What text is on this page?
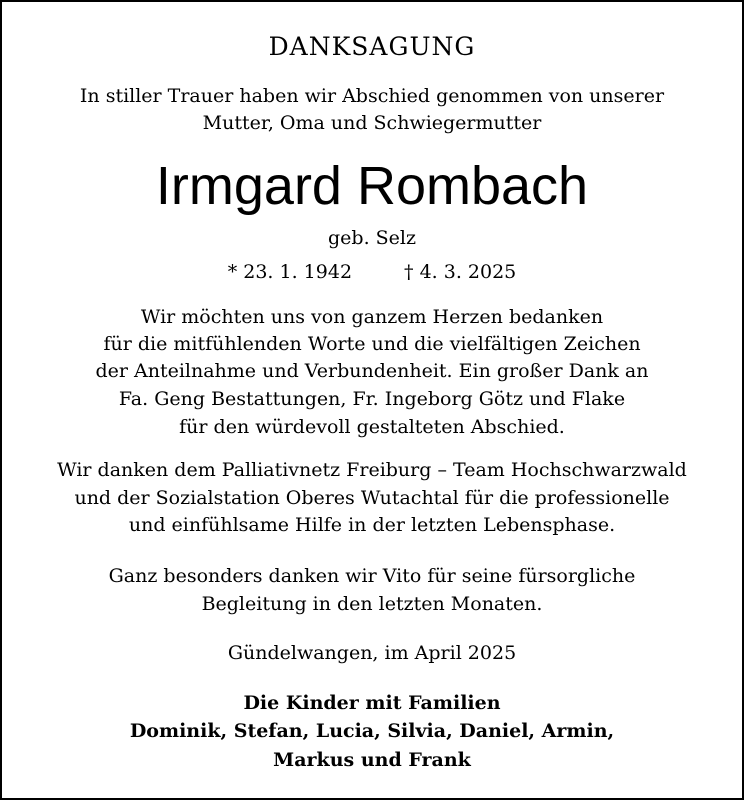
DANKSAGUNG
In stiller Trauer haben wir Abschied genommen von unserer
Mutter, Oma und Schwiegermutter
Irmgard Rombach
geb. Selz
* 23. 1. 1942	† 4. 3. 2025
Wir möchten uns von ganzem Herzen bedanken
für die mitfühlenden Worte und die vielfältigen Zeichen
der Anteilnahme und Verbundenheit. Ein großer Dank an
Fa. Geng Bestattungen, Fr. Ingeborg Götz und Flake
für den würdevoll gestalteten Abschied.
Wir danken dem Palliativnetz Freiburg – Team Hochschwarzwald
und der Sozialstation Oberes Wutachtal für die professionelle
und einfühlsame Hilfe in der letzten Lebensphase.
Ganz besonders danken wir Vito für seine fürsorgliche
Begleitung in den letzten Monaten.
Gündelwangen, im April 2025
Die Kinder mit Familien
Dominik, Stefan, Lucia, Silvia, Daniel, Armin,
Markus und Frank
